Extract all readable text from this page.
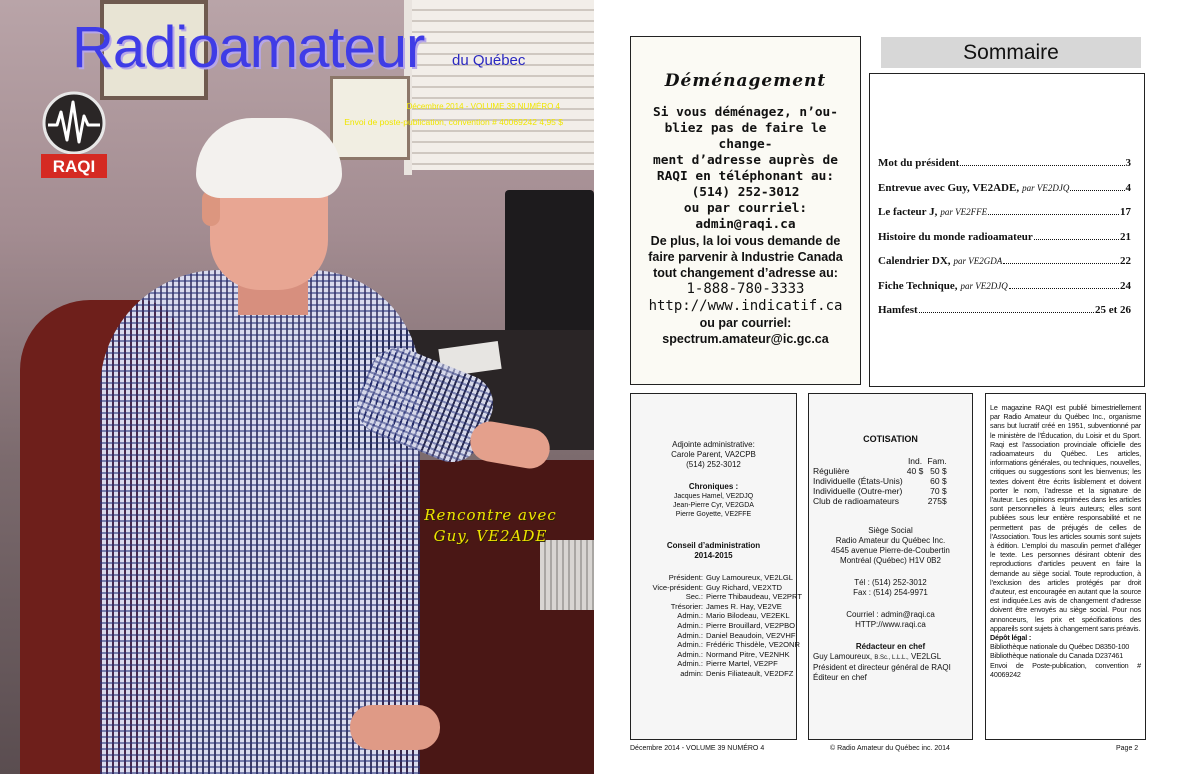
Radioamateur du Québec
RAQI
Décembre 2014 - VOLUME 39 NUMÉRO 4
Envoi de poste-publication, convention # 40069242 4,95 $
Rencontre avec
Guy, VE2ADE
Déménagement
Si vous déménagez, n’ou-
bliez pas de faire le change-
ment d’adresse auprès de
RAQI en téléphonant au:
(514) 252-3012
ou par courriel:
admin@raqi.ca
De plus, la loi vous demande de
faire parvenir à Industrie Canada
tout changement d’adresse au:
1-888-780-3333
http://www.indicatif.ca
ou par courriel:
spectrum.amateur@ic.gc.ca
Sommaire
Mot du président	3
Entrevue avec Guy, VE2ADE, par VE2DJQ	4
Le facteur J, par VE2FFE	17
Histoire du monde radioamateur	21
Calendrier DX, par VE2GDA	22
Fiche Technique, par VE2DJQ	24
Hamfest	25 et 26
Adjointe administrative:
Carole Parent, VA2CPB
(514) 252-3012
Chroniques :
Jacques Hamel, VE2DJQ
Jean-Pierre Cyr, VE2GDA
Pierre Goyette, VE2FFE
Conseil d’administration
2014-2015
Président: Guy Lamoureux, VE2LGL
Vice-président: Guy Richard, VE2XTD
Sec.: Pierre Thibaudeau, VE2PRT
Trésorier: James R. Hay, VE2VE
Admin.: Mario Bilodeau, VE2EKL
Admin.: Pierre Brouillard, VE2PBO
Admin.: Daniel Beaudoin, VE2VHF
Admin.: Frédéric Thisdèle, VE2ONR
Admin.: Normand Pitre, VE2NHK
Admin.: Pierre Martel, VE2PF
admin: Denis Filiateault, VE2DFZ
COTISATION
	Ind.	Fam.
Régulière	40 $	50 $
Individuelle (États-Unis)		60 $
Individuelle (Outre-mer)		70 $
Club de radioamateurs		275$
Siège Social
Radio Amateur du Québec Inc.
4545 avenue Pierre-de-Coubertin
Montréal (Québec) H1V 0B2
Tél : (514) 252-3012
Fax : (514) 254-9971
Courriel : admin@raqi.ca
HTTP://www.raqi.ca
Rédacteur en chef
Guy Lamoureux, B.Sc., L.L.L., VE2LGL
Président et directeur général de RAQI
Éditeur en chef

Le magazine RAQI est publié bimestriellement par Radio Amateur du Québec Inc., organisme sans but lucratif créé en 1951, subventionné par le ministère de l’Éducation, du Loisir et du Sport. Raqi est l’association provinciale officielle des radioamateurs du Québec. Les articles, informations générales, ou techniques, nouvelles, critiques ou suggestions sont les bienvenus; les textes doivent être écrits lisiblement et doivent porter le nom, l’adresse et la signature de l’auteur. Les opinions exprimées dans les articles sont personnelles à leurs auteurs; elles sont publiées sous leur entière responsabilité et ne permettent pas de préjugés de celles de l’Association. Tous les articles soumis sont sujets à édition. L’emploi du masculin permet d’alléger le texte. Les personnes désirant obtenir des reproductions d’articles peuvent en faire la demande au siège social. Toute reproduction, à l’exclusion des articles protégés par droit d’auteur, est encouragée en autant que la source est indiquée.Les avis de changement d’adresse doivent être envoyés au siège social. Pour nos annonceurs, les prix et spécifications des appareils sont sujets à changement sans préavis.

Dépôt légal :

Bibliothèque nationale du Québec D8350-100

Bibliothèque nationale du Canada D237461

Envoi de Poste-publication, convention # 40069242

Décembre 2014 - VOLUME 39 NUMÉRO 4	© Radio Amateur du Québec inc. 2014	Page 2
